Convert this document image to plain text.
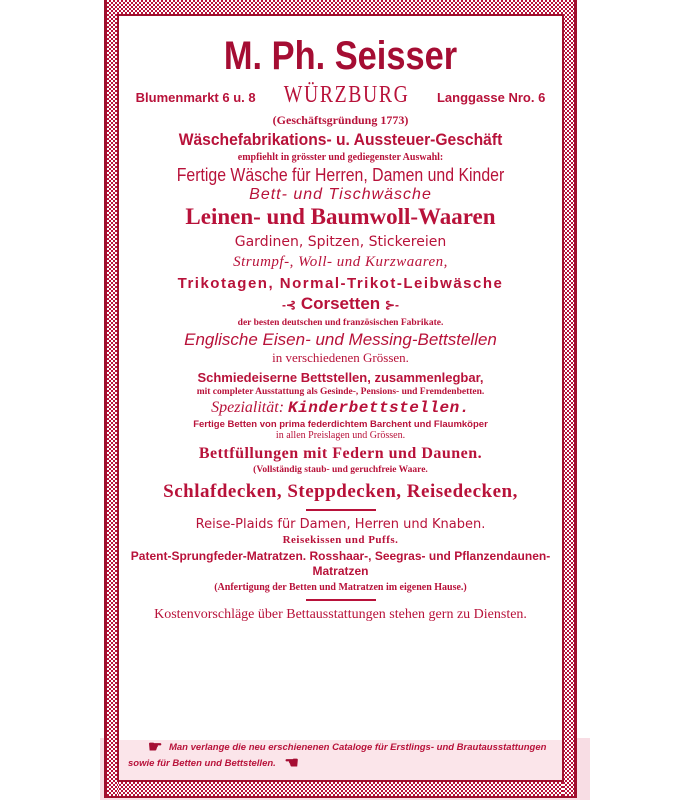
M. Ph. Seisser
Blumenmarkt 6 u. 8 WÜRZBURG Langgasse Nro. 6
(Geschäftsgründung 1773)
Wäschefabrikations- u. Aussteuer-Geschäft
empfiehlt in grösster und gediegenster Auswahl:
Fertige Wäsche für Herren, Damen und Kinder
Bett- und Tischwäsche
Leinen- und Baumwoll-Waaren
Gardinen, Spitzen, Stickereien
Strumpf-, Woll- und Kurzwaaren,
Trikotagen, Normal-Trikot-Leibwäsche
-⊰ Corsetten ⊱-
der besten deutschen und französischen Fabrikate.
Englische Eisen- und Messing-Bettstellen
in verschiedenen Grössen.
Schmiedeiserne Bettstellen, zusammenlegbar,
mit completer Ausstattung als Gesinde-, Pensions- und Fremdenbetten.
Spezialität: Kinderbettstellen.
Fertige Betten von prima federdichtem Barchent und Flaumköper
in allen Preislagen und Grössen.
Bettfüllungen mit Federn und Daunen.
(Vollständig staub- und geruchfreie Waare.
Schlafdecken, Steppdecken, Reisedecken,
Reise-Plaids für Damen, Herren und Knaben.
Reisekissen und Puffs.
Patent-Sprungfeder-Matratzen. Rosshaar-, Seegras- und Pflanzendaunen-Matratzen
(Anfertigung der Betten und Matratzen im eigenen Hause.)
Kostenvorschläge über Bettausstattungen stehen gern zu Diensten.
☛ Man verlange die neu erschienenen Cataloge für Erstlings- und Brautausstattungen sowie für Betten und Bettstellen. ☚
